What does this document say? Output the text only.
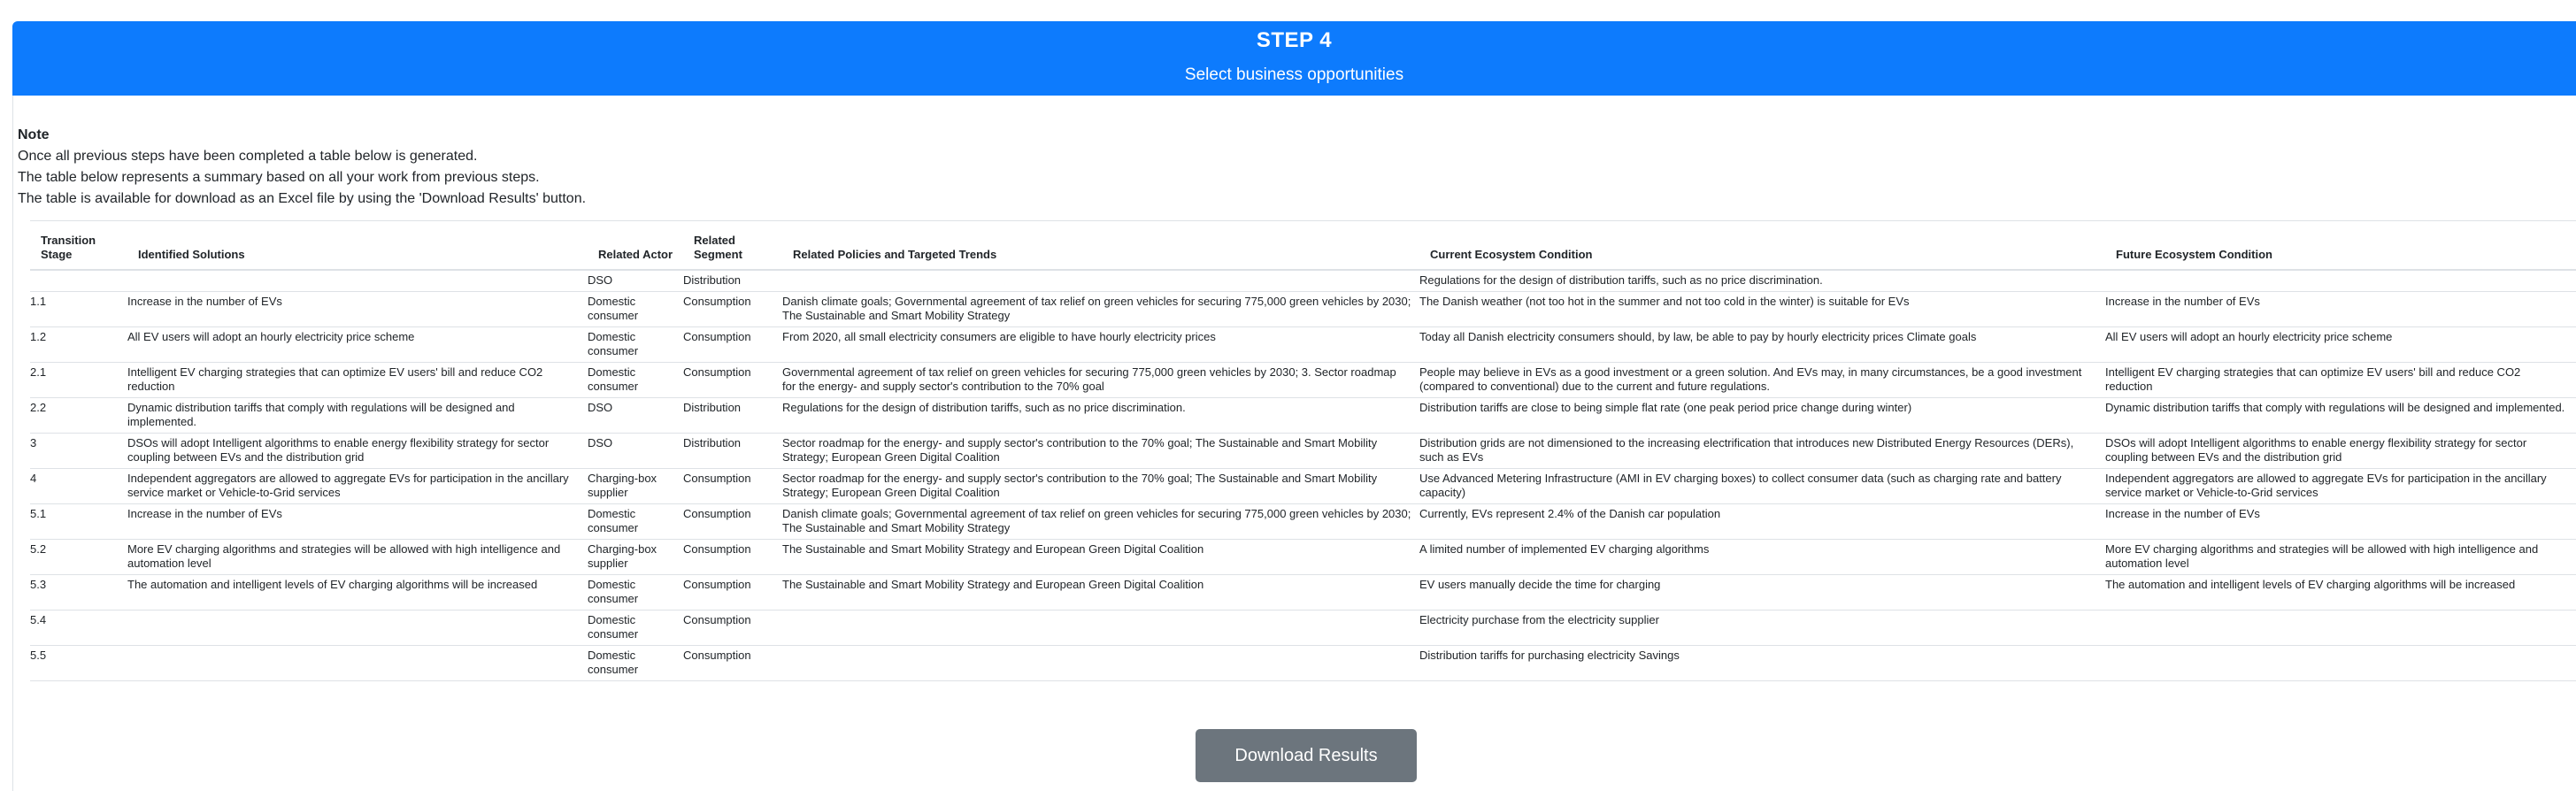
STEP 4

Select business opportunities

Note
Once all previous steps have been completed a table below is generated.
The table below represents a summary based on all your work from previous steps.
The table is available for download as an Excel file by using the 'Download Results' button.
Transition Stage	Identified Solutions	Related Actor	Related Segment	Related Policies and Targeted Trends	Current Ecosystem Condition	Future Ecosystem Condition
		DSO	Distribution		Regulations for the design of distribution tariffs, such as no price discrimination.	
1.1	Increase in the number of EVs	Domestic consumer	Consumption	Danish climate goals; Governmental agreement of tax relief on green vehicles for securing 775,000 green vehicles by 2030; The Sustainable and Smart Mobility Strategy	The Danish weather (not too hot in the summer and not too cold in the winter) is suitable for EVs	Increase in the number of EVs
1.2	All EV users will adopt an hourly electricity price scheme	Domestic consumer	Consumption	From 2020, all small electricity consumers are eligible to have hourly electricity prices	Today all Danish electricity consumers should, by law, be able to pay by hourly electricity prices Climate goals	All EV users will adopt an hourly electricity price scheme
2.1	Intelligent EV charging strategies that can optimize EV users' bill and reduce CO2 reduction	Domestic consumer	Consumption	Governmental agreement of tax relief on green vehicles for securing 775,000 green vehicles by 2030; 3. Sector roadmap for the energy- and supply sector's contribution to the 70% goal	People may believe in EVs as a good investment or a green solution. And EVs may, in many circumstances, be a good investment (compared to conventional) due to the current and future regulations.	Intelligent EV charging strategies that can optimize EV users' bill and reduce CO2 reduction
2.2	Dynamic distribution tariffs that comply with regulations will be designed and implemented.	DSO	Distribution	Regulations for the design of distribution tariffs, such as no price discrimination.	Distribution tariffs are close to being simple flat rate (one peak period price change during winter)	Dynamic distribution tariffs that comply with regulations will be designed and implemented.
3	DSOs will adopt Intelligent algorithms to enable energy flexibility strategy for sector coupling between EVs and the distribution grid	DSO	Distribution	Sector roadmap for the energy- and supply sector's contribution to the 70% goal; The Sustainable and Smart Mobility Strategy; European Green Digital Coalition	Distribution grids are not dimensioned to the increasing electrification that introduces new Distributed Energy Resources (DERs), such as EVs	DSOs will adopt Intelligent algorithms to enable energy flexibility strategy for sector coupling between EVs and the distribution grid
4	Independent aggregators are allowed to aggregate EVs for participation in the ancillary service market or Vehicle-to-Grid services	Charging-box supplier	Consumption	Sector roadmap for the energy- and supply sector's contribution to the 70% goal; The Sustainable and Smart Mobility Strategy; European Green Digital Coalition	Use Advanced Metering Infrastructure (AMI in EV charging boxes) to collect consumer data (such as charging rate and battery capacity)	Independent aggregators are allowed to aggregate EVs for participation in the ancillary service market or Vehicle-to-Grid services
5.1	Increase in the number of EVs	Domestic consumer	Consumption	Danish climate goals; Governmental agreement of tax relief on green vehicles for securing 775,000 green vehicles by 2030; The Sustainable and Smart Mobility Strategy	Currently, EVs represent 2.4% of the Danish car population	Increase in the number of EVs
5.2	More EV charging algorithms and strategies will be allowed with high intelligence and automation level	Charging-box supplier	Consumption	The Sustainable and Smart Mobility Strategy and European Green Digital Coalition	A limited number of implemented EV charging algorithms	More EV charging algorithms and strategies will be allowed with high intelligence and automation level
5.3	The automation and intelligent levels of EV charging algorithms will be increased	Domestic consumer	Consumption	The Sustainable and Smart Mobility Strategy and European Green Digital Coalition	EV users manually decide the time for charging	The automation and intelligent levels of EV charging algorithms will be increased
5.4		Domestic consumer	Consumption		Electricity purchase from the electricity supplier	
5.5		Domestic consumer	Consumption		Distribution tariffs for purchasing electricity Savings	
Download Results
